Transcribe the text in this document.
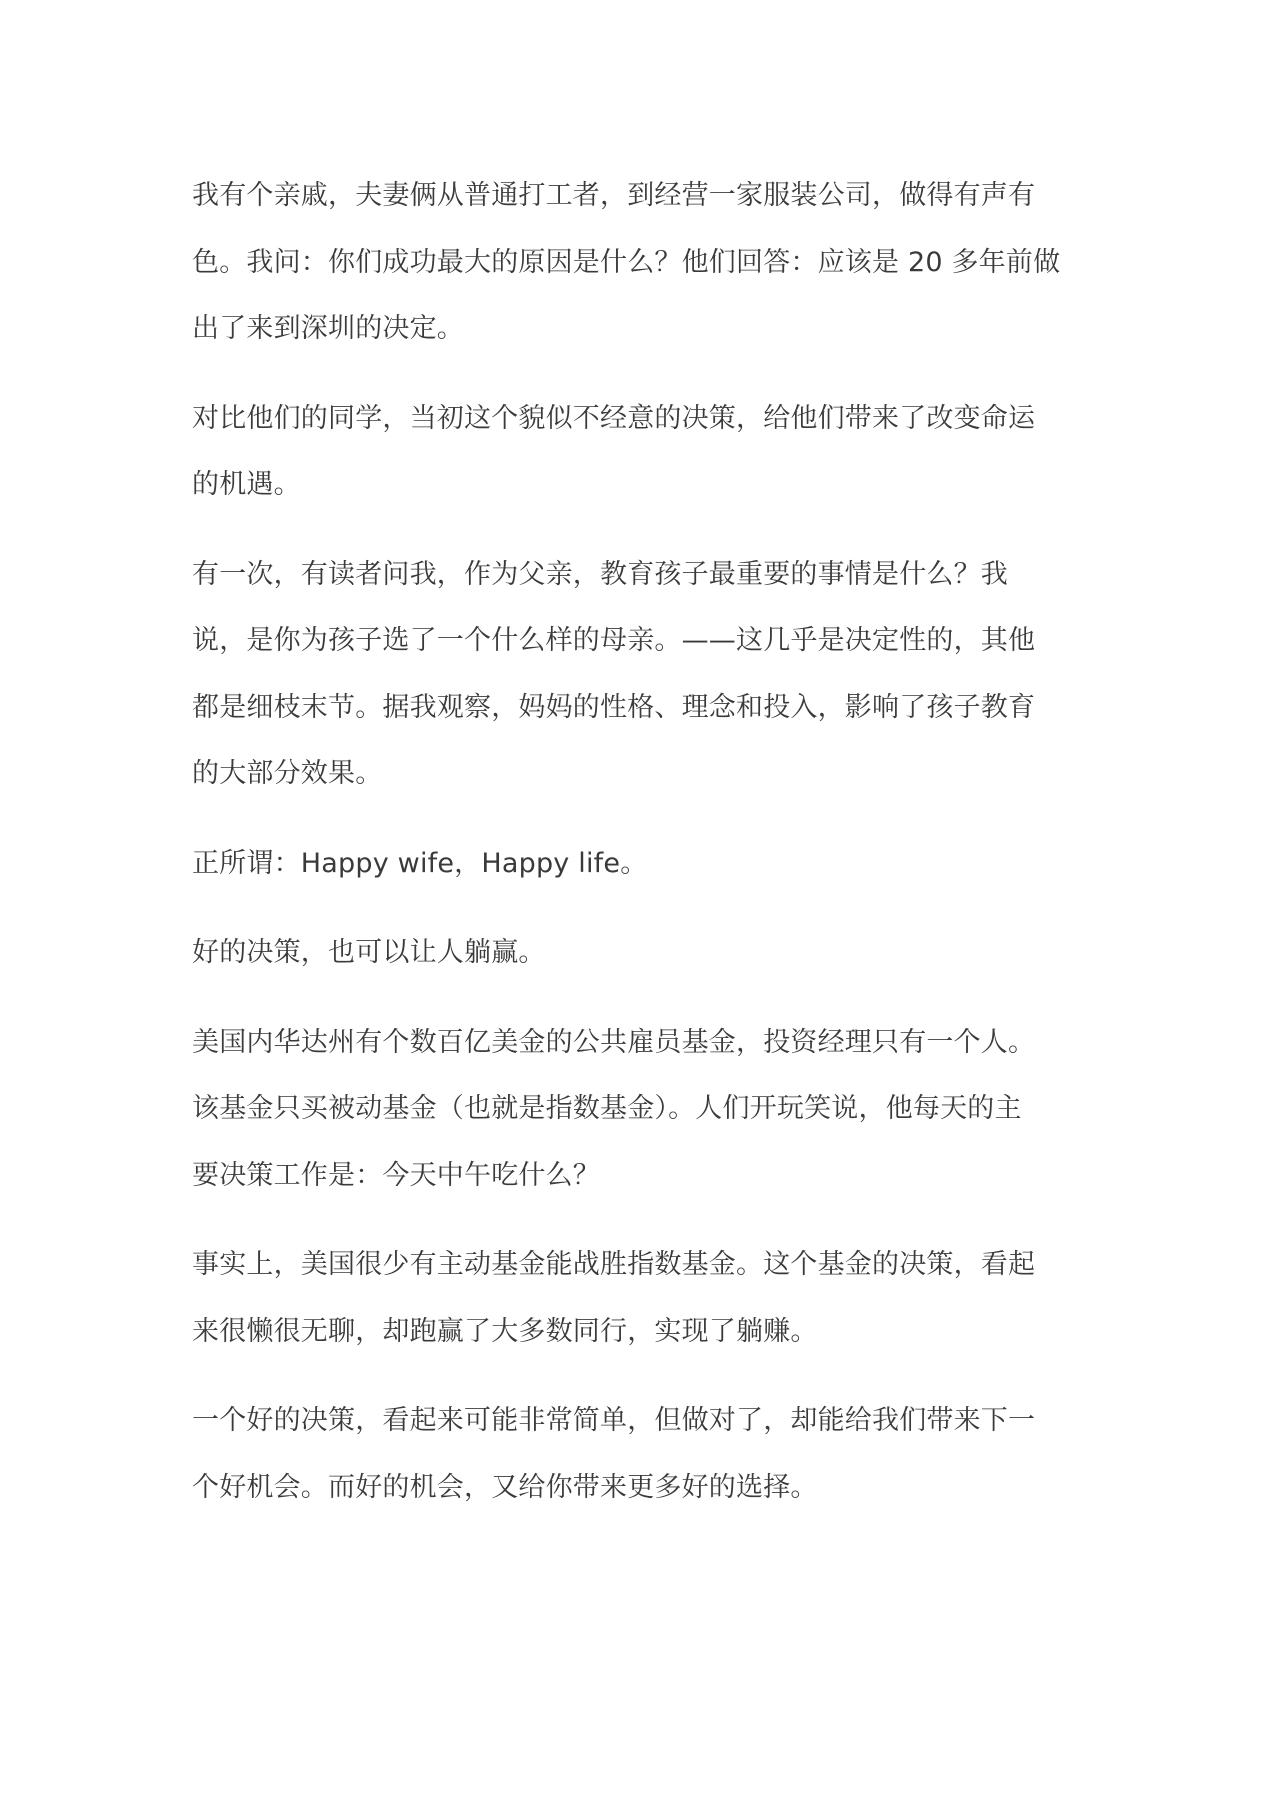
我有个亲戚，夫妻俩从普通打工者，到经营一家服装公司，做得有声有
色。我问：你们成功最大的原因是什么？他们回答：应该是 20 多年前做
出了来到深圳的决定。

对比他们的同学，当初这个貌似不经意的决策，给他们带来了改变命运
的机遇。

有一次，有读者问我，作为父亲，教育孩子最重要的事情是什么？我
说，是你为孩子选了一个什么样的母亲。——这几乎是决定性的，其他
都是细枝末节。据我观察，妈妈的性格、理念和投入，影响了孩子教育
的大部分效果。

正所谓：Happy wife，Happy life。

好的决策，也可以让人躺赢。

美国内华达州有个数百亿美金的公共雇员基金，投资经理只有一个人。
该基金只买被动基金（也就是指数基金）。人们开玩笑说，他每天的主
要决策工作是：今天中午吃什么？

事实上，美国很少有主动基金能战胜指数基金。这个基金的决策，看起
来很懒很无聊，却跑赢了大多数同行，实现了躺赚。

一个好的决策，看起来可能非常简单，但做对了，却能给我们带来下一
个好机会。而好的机会，又给你带来更多好的选择。
